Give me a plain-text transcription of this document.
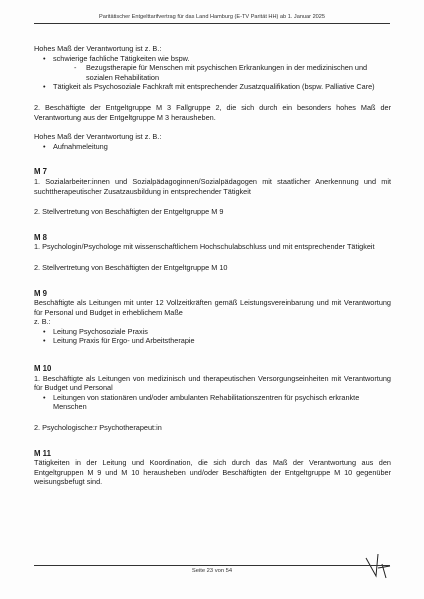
Paritätischer Entgelttarifvertrag für das Land Hamburg (E-TV Parität HH) ab 1. Januar 2025

Hohes Maß der Verantwortung ist z. B.:

•	schwierige fachliche Tätigkeiten wie bspw.
-	Bezugstherapie für Menschen mit psychischen Erkrankungen in der medizinischen und sozialen Rehabilitation
•	Tätigkeit als Psychosoziale Fachkraft mit entsprechender Zusatzqualifikation (bspw. Palliative Care)

2. Beschäftigte der Entgeltgruppe M 3 Fallgruppe 2, die sich durch ein besonders hohes Maß der Verantwortung aus der Entgeltgruppe M 3 herausheben.

Hohes Maß der Verantwortung ist z. B.:

•	Aufnahmeleitung

M 7

1. Sozialarbeiter:innen und Sozialpädagoginnen/Sozialpädagogen mit staatlicher Anerkennung und mit suchttherapeutischer Zusatzausbildung in entsprechender Tätigkeit

2. Stellvertretung von Beschäftigten der Entgeltgruppe M 9

M 8

1. Psychologin/Psychologe mit wissenschaftlichem Hochschulabschluss und mit entsprechender Tätigkeit

2. Stellvertretung von Beschäftigten der Entgeltgruppe M 10

M 9

Beschäftigte als Leitungen mit unter 12 Vollzeitkräften gemäß Leistungsvereinbarung und mit Verantwortung für Personal und Budget in erheblichem Maße

z. B.:

•	Leitung Psychosoziale Praxis
•	Leitung Praxis für Ergo- und Arbeitstherapie

M 10

1. Beschäftigte als Leitungen von medizinisch und therapeutischen Versorgungseinheiten mit Verantwortung für Budget und Personal

•	Leitungen von stationären und/oder ambulanten Rehabilitationszentren für psychisch erkrankte Menschen

2. Psychologische:r Psychotherapeut:in

M 11

Tätigkeiten in der Leitung und Koordination, die sich durch das Maß der Verantwortung aus den Entgeltgruppen M 9 und M 10 herausheben und/oder Beschäftigten der Entgeltgruppe M 10 gegenüber weisungsbefugt sind.

Seite 23 von 54
